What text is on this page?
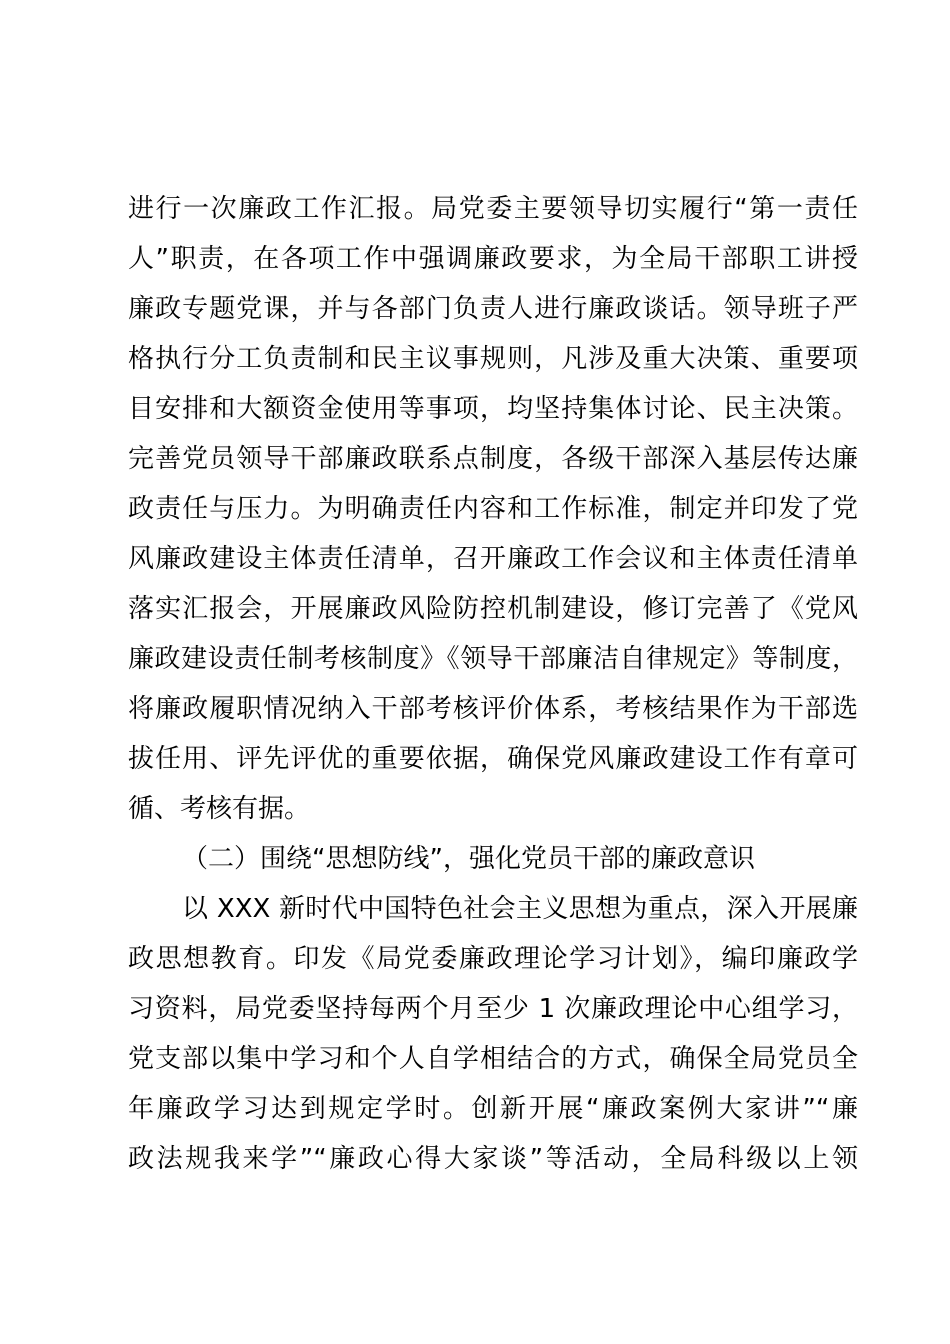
进行一次廉政工作汇报。局党委主要领导切实履行“第一责任
人”职责，在各项工作中强调廉政要求，为全局干部职工讲授
廉政专题党课，并与各部门负责人进行廉政谈话。领导班子严
格执行分工负责制和民主议事规则，凡涉及重大决策、重要项
目安排和大额资金使用等事项，均坚持集体讨论、民主决策。
完善党员领导干部廉政联系点制度，各级干部深入基层传达廉
政责任与压力。为明确责任内容和工作标准，制定并印发了党
风廉政建设主体责任清单，召开廉政工作会议和主体责任清单
落实汇报会，开展廉政风险防控机制建设，修订完善了《党风
廉政建设责任制考核制度》《领导干部廉洁自律规定》等制度，
将廉政履职情况纳入干部考核评价体系，考核结果作为干部选
拔任用、评先评优的重要依据，确保党风廉政建设工作有章可
循、考核有据。
（二）围绕“思想防线”，强化党员干部的廉政意识
以 XXX 新时代中国特色社会主义思想为重点，深入开展廉
政思想教育。印发《局党委廉政理论学习计划》，编印廉政学
习资料，局党委坚持每两个月至少 1 次廉政理论中心组学习，
党支部以集中学习和个人自学相结合的方式，确保全局党员全
年廉政学习达到规定学时。创新开展“廉政案例大家讲”“廉
政法规我来学”“廉政心得大家谈”等活动，全局科级以上领
